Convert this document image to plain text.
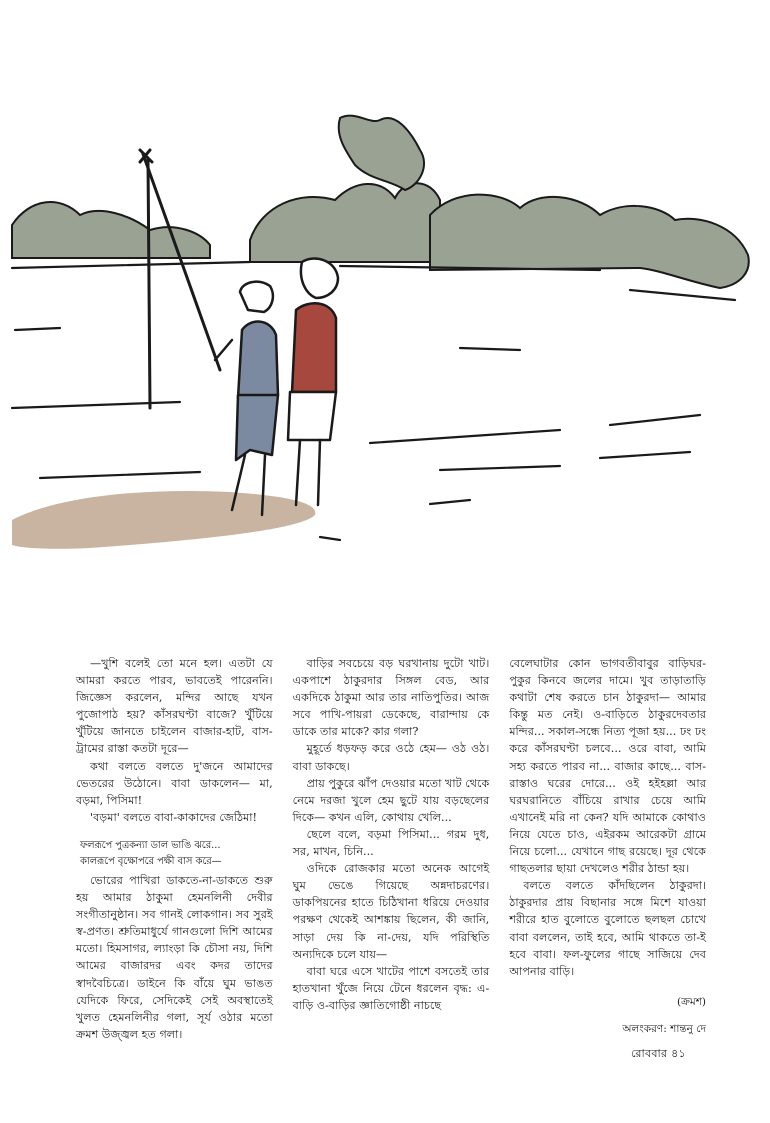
—খুশি বলেই তো মনে হল। এতটা যে আমরা করতে পারব, ভাবতেই পারেননি। জিজ্ঞেস করলেন, মন্দির আছে যখন পুজোপাঠ হয়? কাঁসরঘণ্টা বাজে? খুঁটিয়ে খুঁটিয়ে জানতে চাইলেন বাজার-হাট, বাস-ট্রামের রাস্তা কতটা দূরে—

কথা বলতে বলতে দু'জনে আমাদের ভেতরের উঠোনে। বাবা ডাকলেন— মা, বড়মা, পিসিমা!

'বড়মা' বলতে বাবা-কাকাদের জেঠিমা!

ফলরূপে পুত্রকন্যা ডাল ভাঙি ঝরে...
কালরূপে বৃক্ষোপরে পক্ষী বাস করে—

ভোরের পাখিরা ডাকতে-না-ডাকতে শুরু হয় আমার ঠাকুমা হেমনলিনী দেবীর সংগীতানুষ্ঠান। সব গানই লোকগান। সব সুরই স্ব-প্রণত। শ্রুতিমাধুর্যে গানগুলো দিশি আমের মতো। হিমসাগর, ল্যাংড়া কি চৌসা নয়, দিশি আমের বাজারদর এবং কদর তাদের স্বাদবৈচিত্রে। ডাইনে কি বাঁয়ে ঘুম ভাঙত যেদিকে ফিরে, সেদিকেই সেই অবস্থাতেই খুলত হেমনলিনীর গলা, সূর্য ওঠার মতো ক্রমশ উজ্জ্বল হত গলা।

বাড়ির সবচেয়ে বড় ঘরখানায় দুটো খাট। একপাশে ঠাকুরদার সিঙ্গল বেড, আর একদিকে ঠাকুমা আর তার নাতিপুতির। আজ সবে পাখি-পায়রা ডেকেছে, বারান্দায় কে ডাকে তার মাকে? কার গলা?

মুহূর্তে ধড়ফড় করে ওঠে হেম— ওঠ ওঠ। বাবা ডাকছে।

প্রায় পুকুরে ঝাঁপ দেওয়ার মতো খাট থেকে নেমে দরজা খুলে হেম ছুটে যায় বড়ছেলের দিকে— কখন এলি, কোথায় খেলি...

ছেলে বলে, বড়মা পিসিমা... গরম দুধ, সর, মাখন, চিনি...

ওদিকে রোজকার মতো অনেক আগেই ঘুম ভেঙে গিয়েছে অন্নদাচরণের। ডাকপিয়নের হাতে চিঠিখানা ধরিয়ে দেওয়ার পরক্ষণ থেকেই আশঙ্কায় ছিলেন, কী জানি, সাড়া দেয় কি না-দেয়, যদি পরিস্থিতি অন্যদিকে চলে যায়—

বাবা ঘরে এসে খাটের পাশে বসতেই তার হাতখানা খুঁজে নিয়ে টেনে ধরলেন বৃদ্ধ: এ-বাড়ি ও-বাড়ির জ্ঞাতিগোষ্ঠী নাচছে

বেলেঘাটার কোন ভাগবতীবাবুর বাড়িঘর-পুকুর কিনবে জলের দামে। খুব তাড়াতাড়ি কথাটা শেষ করতে চান ঠাকুরদা— আমার কিন্তু মত নেই। ও-বাড়িতে ঠাকুরদেবতার মন্দির... সকাল-সন্ধে নিত্য পূজা হয়... ঢং ঢং করে কাঁসরঘণ্টা চলবে... ওরে বাবা, আমি সহ্য করতে পারব না... বাজার কাছে... বাস-রাস্তাও ঘরের দোরে... ওই হইহল্লা আর ঘরঘরানিতে বাঁচিয়ে রাখার চেয়ে আমি এখানেই মরি না কেন? যদি আমাকে কোথাও নিয়ে যেতে চাও, এইরকম আরেকটা গ্রামে নিয়ে চলো... যেখানে গাছ রয়েছে। দূর থেকে গাছতলার ছায়া দেখলেও শরীর ঠান্ডা হয়।

বলতে বলতে কাঁদছিলেন ঠাকুরদা। ঠাকুরদার প্রায় বিছানার সঙ্গে মিশে যাওয়া শরীরে হাত বুলোতে বুলোতে ছলছল চোখে বাবা বললেন, তাই হবে, আমি থাকতে তা-ই হবে বাবা। ফল-ফুলের গাছে সাজিয়ে দেব আপনার বাড়ি।

(ক্রমশ)
অলংকরণ: শান্তনু দে
রোববার ৪১
